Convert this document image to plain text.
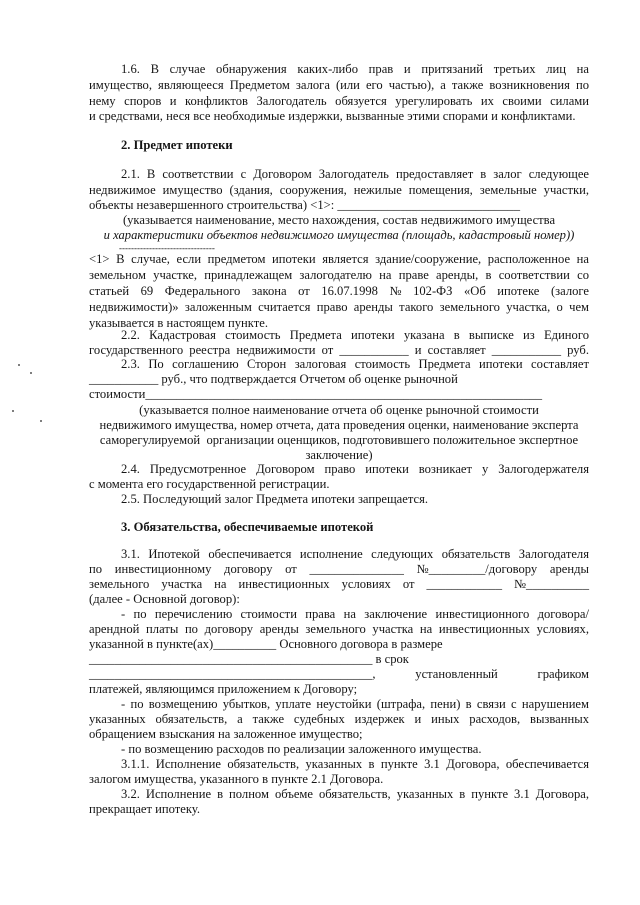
1.6. В случае обнаружения каких-либо прав и притязаний третьих лиц на
имущество, являющееся Предметом залога (или его частью), а также возникновения по
нему споров и конфликтов Залогодатель обязуется урегулировать их своими силами
и средствами, неся все необходимые издержки, вызванные этими спорами и конфликтами.
2. Предмет ипотеки
2.1. В соответствии с Договором Залогодатель предоставляет в залог следующее
недвижимое имущество (здания, сооружения, нежилые помещения, земельные участки,
объекты незавершенного строительства) <1>: _____________________________
(указывается наименование, место нахождения, состав недвижимого имущества
и характеристики объектов недвижимого имущества (площадь, кадастровый номер))
--------------------------------
<1> В случае, если предметом ипотеки является здание/сооружение, расположенное на
земельном участке, принадлежащем залогодателю на праве аренды, в соответствии со
статьей 69 Федерального закона от 16.07.1998 № 102-ФЗ «Об ипотеке (залоге
недвижимости)» заложенным считается право аренды такого земельного участка, о чем
указывается в настоящем пункте.
2.2. Кадастровая стоимость Предмета ипотеки указана в выписке из Единого
государственного реестра недвижимости от ___________ и составляет ___________ руб.
2.3. По соглашению Сторон залоговая стоимость Предмета ипотеки составляет
___________ руб., что подтверждается Отчетом об оценке рыночной
стоимости_______________________________________________________________
(указывается полное наименование отчета об оценке рыночной стоимости
недвижимого имущества, номер отчета, дата проведения оценки, наименование эксперта
саморегулируемой  организации оценщиков, подготовившего положительное экспертное
заключение)
2.4. Предусмотренное Договором право ипотеки возникает у Залогодержателя
с момента его государственной регистрации.
2.5. Последующий залог Предмета ипотеки запрещается.
3. Обязательства, обеспечиваемые ипотекой
3.1. Ипотекой обеспечивается исполнение следующих обязательств Залогодателя
по инвестиционному договору от _______________ №_________/договору аренды
земельного участка на инвестиционных условиях от ____________ №__________
(далее - Основной договор):
- по перечислению стоимости права на заключение инвестиционного договора/
арендной платы по договору аренды земельного участка на инвестиционных условиях,
указанной в пункте(ах)__________ Основного договора в размере
_____________________________________________ в срок
_____________________________________________, установленный графиком
платежей, являющимся приложением к Договору;
- по возмещению убытков, уплате неустойки (штрафа, пени) в связи с нарушением
указанных обязательств, а также судебных издержек и иных расходов, вызванных
обращением взыскания на заложенное имущество;
- по возмещению расходов по реализации заложенного имущества.
3.1.1. Исполнение обязательств, указанных в пункте 3.1 Договора, обеспечивается
залогом имущества, указанного в пункте 2.1 Договора.
3.2. Исполнение в полном объеме обязательств, указанных в пункте 3.1 Договора,
прекращает ипотеку.
